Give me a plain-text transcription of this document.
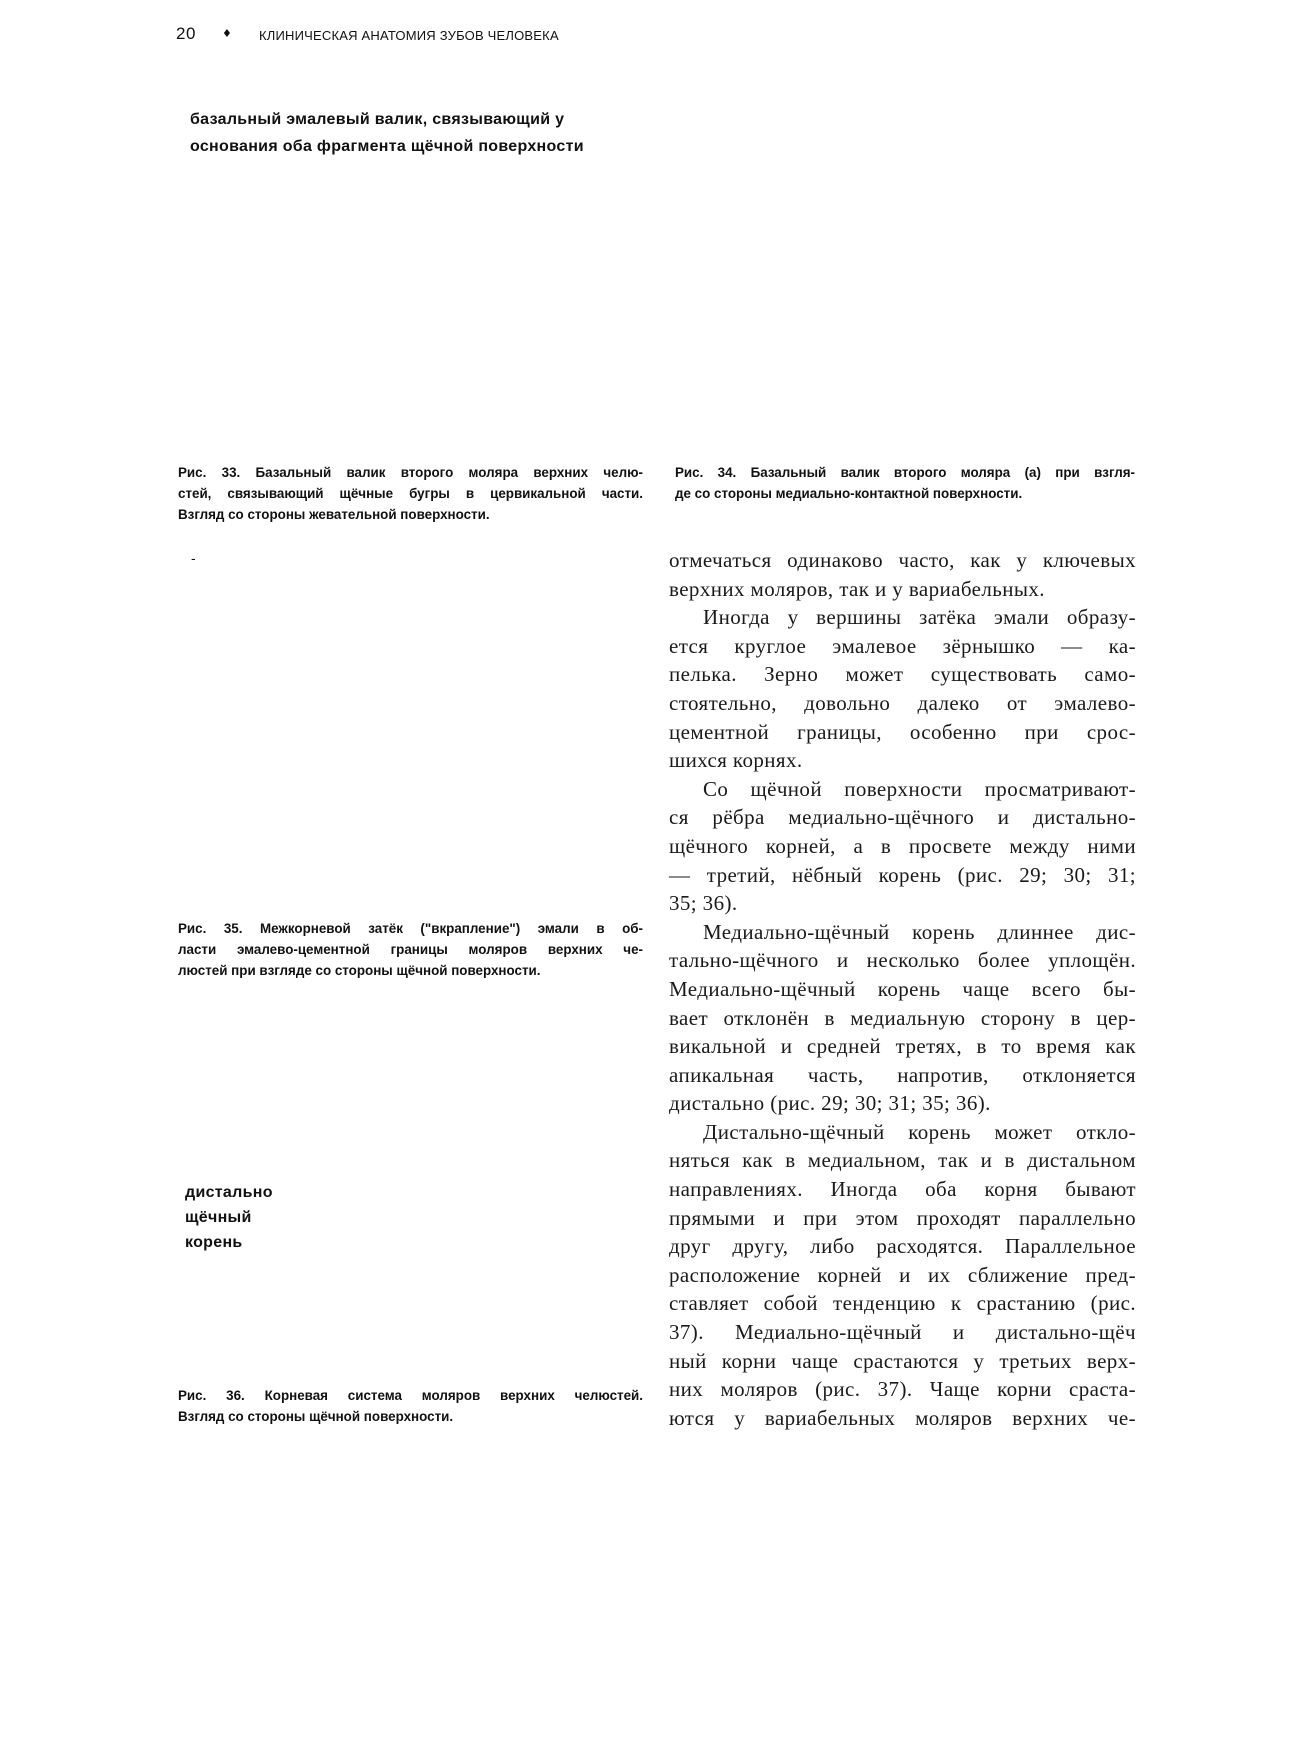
20 ♦ КЛИНИЧЕСКАЯ АНАТОМИЯ ЗУБОВ ЧЕЛОВЕКА
базальный эмалевый валик, связывающий у
основания оба фрагмента щёчной поверхности
Рис. 33. Базальный валик второго моляра верхних челю-
стей, связывающий щёчные бугры в цервикальной части.
Взгляд со стороны жевательной поверхности.
Рис. 34. Базальный валик второго моляра (а) при взгля-
де со стороны медиально-контактной поверхности.
-
Рис. 35. Межкорневой затёк ("вкрапление") эмали в об-
ласти эмалево-цементной границы моляров верхних че-
люстей при взгляде со стороны щёчной поверхности.
дистально
щёчный
корень
Рис. 36. Корневая система моляров верхних челюстей.
Взгляд со стороны щёчной поверхности.
отмечаться одинаково часто, как у ключевых
верхних моляров, так и у вариабельных.
Иногда у вершины затёка эмали образу-
ется круглое эмалевое зёрнышко — ка-
пелька. Зерно может существовать само-
стоятельно, довольно далеко от эмалево-
цементной границы, особенно при срос-
шихся корнях.
Со щёчной поверхности просматривают-
ся рёбра медиально-щёчного и дистально-
щёчного корней, а в просвете между ними
— третий, нёбный корень (рис. 29; 30; 31;
35; 36).
Медиально-щёчный корень длиннее дис-
тально-щёчного и несколько более уплощён.
Медиально-щёчный корень чаще всего бы-
вает отклонён в медиальную сторону в цер-
викальной и средней третях, в то время как
апикальная часть, напротив, отклоняется
дистально (рис. 29; 30; 31; 35; 36).
Дистально-щёчный корень может откло-
няться как в медиальном, так и в дистальном
направлениях. Иногда оба корня бывают
прямыми и при этом проходят параллельно
друг другу, либо расходятся. Параллельное
расположение корней и их сближение пред-
ставляет собой тенденцию к срастанию (рис.
37). Медиально-щёчный и дистально-щёч
ный корни чаще срастаются у третьих верх-
них моляров (рис. 37). Чаще корни сраста-
ются у вариабельных моляров верхних че-
